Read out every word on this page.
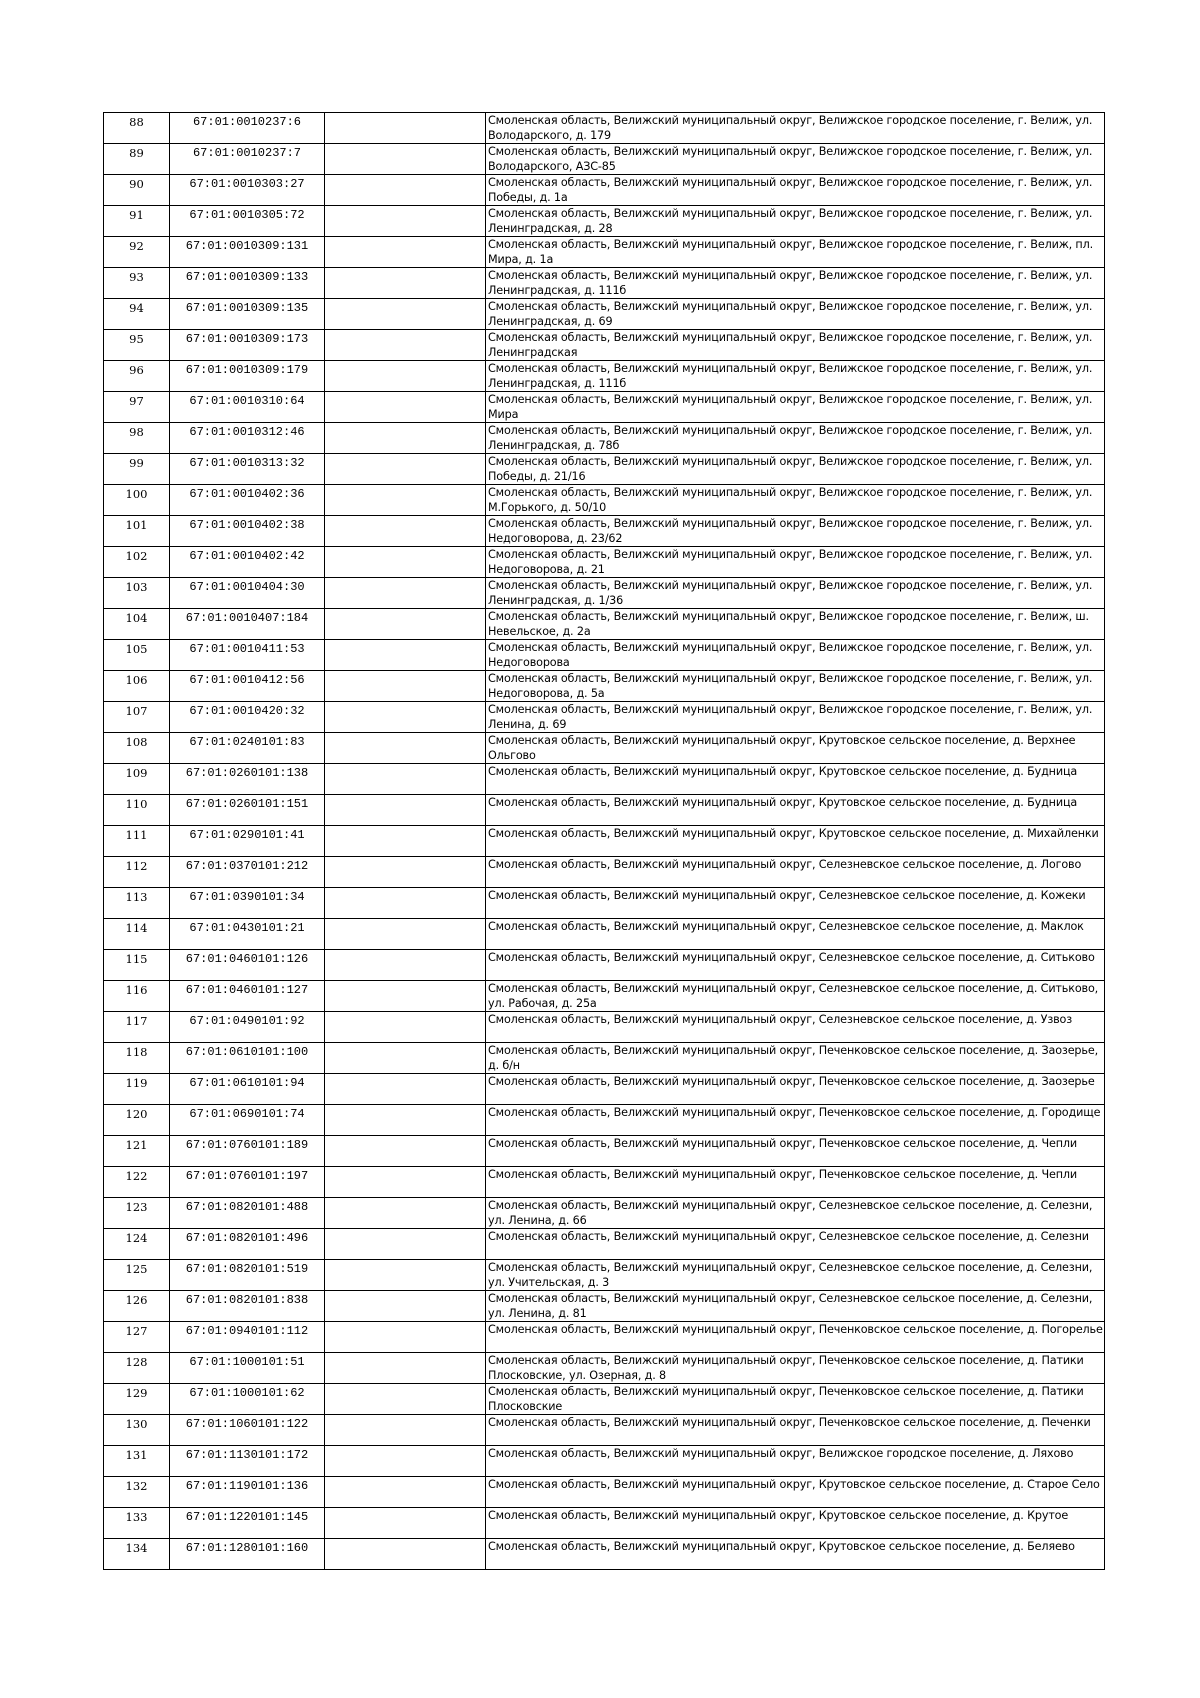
88	67:01:0010237:6		Смоленская область, Велижский муниципальный округ, Велижское городское поселение, г. Велиж, ул. Володарского, д. 179

89	67:01:0010237:7		Смоленская область, Велижский муниципальный округ, Велижское городское поселение, г. Велиж, ул. Володарского, АЗС-85

90	67:01:0010303:27		Смоленская область, Велижский муниципальный округ, Велижское городское поселение, г. Велиж, ул. Победы, д. 1а

91	67:01:0010305:72		Смоленская область, Велижский муниципальный округ, Велижское городское поселение, г. Велиж, ул. Ленинградская, д. 28

92	67:01:0010309:131		Смоленская область, Велижский муниципальный округ, Велижское городское поселение, г. Велиж, пл. Мира, д. 1а

93	67:01:0010309:133		Смоленская область, Велижский муниципальный округ, Велижское городское поселение, г. Велиж, ул. Ленинградская, д. 111б

94	67:01:0010309:135		Смоленская область, Велижский муниципальный округ, Велижское городское поселение, г. Велиж, ул. Ленинградская, д. 69

95	67:01:0010309:173		Смоленская область, Велижский муниципальный округ, Велижское городское поселение, г. Велиж, ул. Ленинградская

96	67:01:0010309:179		Смоленская область, Велижский муниципальный округ, Велижское городское поселение, г. Велиж, ул. Ленинградская, д. 111б

97	67:01:0010310:64		Смоленская область, Велижский муниципальный округ, Велижское городское поселение, г. Велиж, ул. Мира

98	67:01:0010312:46		Смоленская область, Велижский муниципальный округ, Велижское городское поселение, г. Велиж, ул. Ленинградская, д. 78б

99	67:01:0010313:32		Смоленская область, Велижский муниципальный округ, Велижское городское поселение, г. Велиж, ул. Победы, д. 21/16

100	67:01:0010402:36		Смоленская область, Велижский муниципальный округ, Велижское городское поселение, г. Велиж, ул. М.Горького, д. 50/10

101	67:01:0010402:38		Смоленская область, Велижский муниципальный округ, Велижское городское поселение, г. Велиж, ул. Недоговорова, д. 23/62

102	67:01:0010402:42		Смоленская область, Велижский муниципальный округ, Велижское городское поселение, г. Велиж, ул. Недоговорова, д. 21

103	67:01:0010404:30		Смоленская область, Велижский муниципальный округ, Велижское городское поселение, г. Велиж, ул. Ленинградская, д. 1/36

104	67:01:0010407:184		Смоленская область, Велижский муниципальный округ, Велижское городское поселение, г. Велиж, ш. Невельское, д. 2а

105	67:01:0010411:53		Смоленская область, Велижский муниципальный округ, Велижское городское поселение, г. Велиж, ул. Недоговорова

106	67:01:0010412:56		Смоленская область, Велижский муниципальный округ, Велижское городское поселение, г. Велиж, ул. Недоговорова, д. 5а

107	67:01:0010420:32		Смоленская область, Велижский муниципальный округ, Велижское городское поселение, г. Велиж, ул. Ленина, д. 69

108	67:01:0240101:83		Смоленская область, Велижский муниципальный округ, Крутовское сельское поселение, д. Верхнее Ольгово

109	67:01:0260101:138		Смоленская область, Велижский муниципальный округ, Крутовское сельское поселение, д. Будница

110	67:01:0260101:151		Смоленская область, Велижский муниципальный округ, Крутовское сельское поселение, д. Будница

111	67:01:0290101:41		Смоленская область, Велижский муниципальный округ, Крутовское сельское поселение, д. Михайленки

112	67:01:0370101:212		Смоленская область, Велижский муниципальный округ, Селезневское сельское поселение, д. Логово

113	67:01:0390101:34		Смоленская область, Велижский муниципальный округ, Селезневское сельское поселение, д. Кожеки

114	67:01:0430101:21		Смоленская область, Велижский муниципальный округ, Селезневское сельское поселение, д. Маклок

115	67:01:0460101:126		Смоленская область, Велижский муниципальный округ, Селезневское сельское поселение, д. Ситьково

116	67:01:0460101:127		Смоленская область, Велижский муниципальный округ, Селезневское сельское поселение, д. Ситьково, ул. Рабочая, д. 25а

117	67:01:0490101:92		Смоленская область, Велижский муниципальный округ, Селезневское сельское поселение, д. Узвоз

118	67:01:0610101:100		Смоленская область, Велижский муниципальный округ, Печенковское сельское поселение, д. Заозерье, д. б/н

119	67:01:0610101:94		Смоленская область, Велижский муниципальный округ, Печенковское сельское поселение, д. Заозерье

120	67:01:0690101:74		Смоленская область, Велижский муниципальный округ, Печенковское сельское поселение, д. Городище

121	67:01:0760101:189		Смоленская область, Велижский муниципальный округ, Печенковское сельское поселение, д. Чепли

122	67:01:0760101:197		Смоленская область, Велижский муниципальный округ, Печенковское сельское поселение, д. Чепли

123	67:01:0820101:488		Смоленская область, Велижский муниципальный округ, Селезневское сельское поселение, д. Селезни, ул. Ленина, д. 66

124	67:01:0820101:496		Смоленская область, Велижский муниципальный округ, Селезневское сельское поселение, д. Селезни

125	67:01:0820101:519		Смоленская область, Велижский муниципальный округ, Селезневское сельское поселение, д. Селезни, ул. Учительская, д. 3

126	67:01:0820101:838		Смоленская область, Велижский муниципальный округ, Селезневское сельское поселение, д. Селезни, ул. Ленина, д. 81

127	67:01:0940101:112		Смоленская область, Велижский муниципальный округ, Печенковское сельское поселение, д. Погорелье

128	67:01:1000101:51		Смоленская область, Велижский муниципальный округ, Печенковское сельское поселение, д. Патики Плосковские, ул. Озерная, д. 8

129	67:01:1000101:62		Смоленская область, Велижский муниципальный округ, Печенковское сельское поселение, д. Патики Плосковские

130	67:01:1060101:122		Смоленская область, Велижский муниципальный округ, Печенковское сельское поселение, д. Печенки

131	67:01:1130101:172		Смоленская область, Велижский муниципальный округ, Велижское городское поселение, д. Ляхово

132	67:01:1190101:136		Смоленская область, Велижский муниципальный округ, Крутовское сельское поселение, д. Старое Село

133	67:01:1220101:145		Смоленская область, Велижский муниципальный округ, Крутовское сельское поселение, д. Крутое

134	67:01:1280101:160		Смоленская область, Велижский муниципальный округ, Крутовское сельское поселение, д. Беляево
